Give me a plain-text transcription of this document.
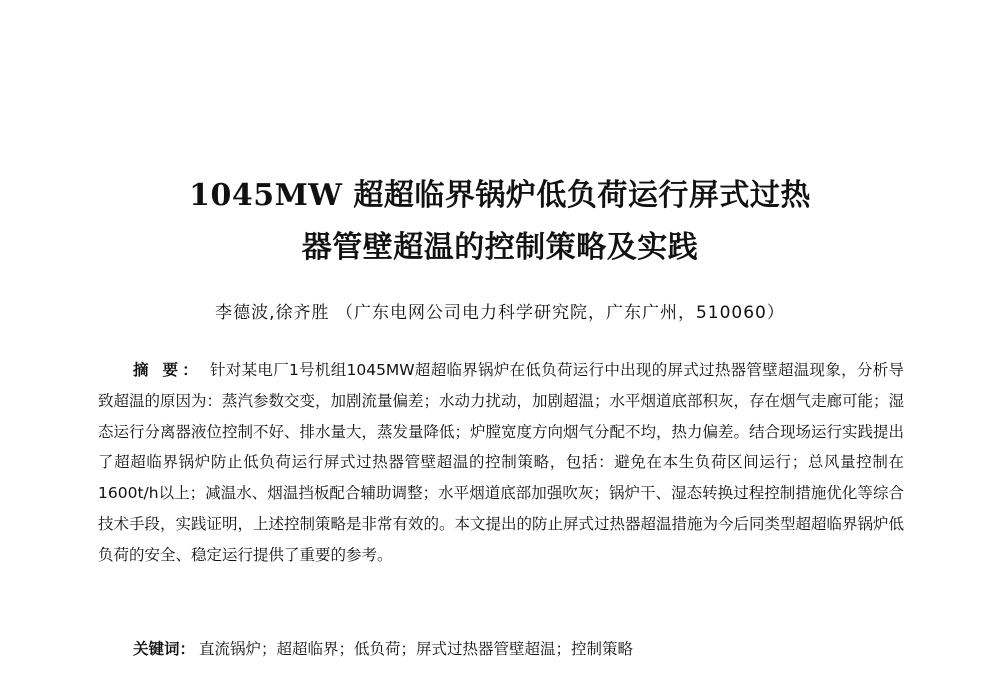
1045MW 超超临界锅炉低负荷运行屏式过热
器管壁超温的控制策略及实践
李德波,徐齐胜 （广东电网公司电力科学研究院，广东广州，510060）

摘 要： 针对某电厂1号机组1045MW超超临界锅炉在低负荷运行中出现的屏式过热器管壁超温现象，分析导致超温的原因为：蒸汽参数交变，加剧流量偏差；水动力扰动，加剧超温；水平烟道底部积灰，存在烟气走廊可能；湿态运行分离器液位控制不好、排水量大，蒸发量降低；炉膛宽度方向烟气分配不均，热力偏差。结合现场运行实践提出了超超临界锅炉防止低负荷运行屏式过热器管壁超温的控制策略，包括：避免在本生负荷区间运行；总风量控制在1600t/h以上；减温水、烟温挡板配合辅助调整；水平烟道底部加强吹灰；锅炉干、湿态转换过程控制措施优化等综合技术手段，实践证明，上述控制策略是非常有效的。本文提出的防止屏式过热器超温措施为今后同类型超超临界锅炉低负荷的安全、稳定运行提供了重要的参考。

关键词： 直流锅炉；超超临界；低负荷；屏式过热器管壁超温；控制策略
